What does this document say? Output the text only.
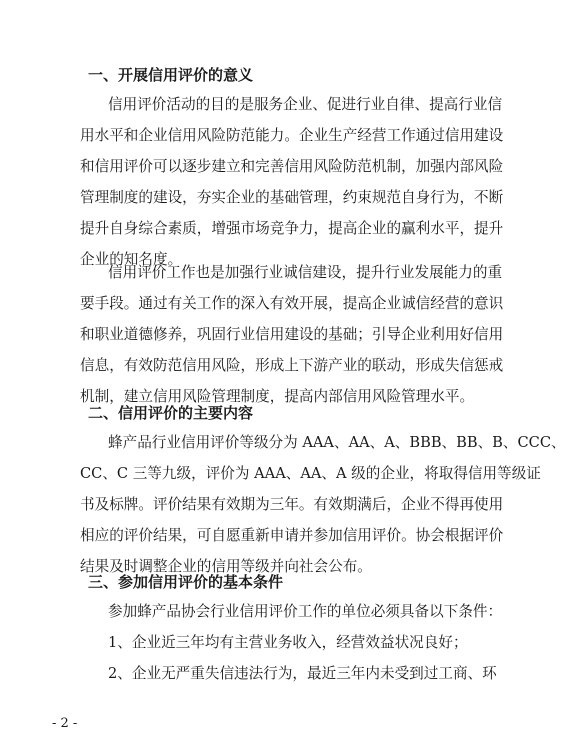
一、开展信用评价的意义
信用评价活动的目的是服务企业、促进行业自律、提高行业信
用水平和企业信用风险防范能力。企业生产经营工作通过信用建设
和信用评价可以逐步建立和完善信用风险防范机制，加强内部风险
管理制度的建设，夯实企业的基础管理，约束规范自身行为，不断
提升自身综合素质，增强市场竞争力，提高企业的赢利水平，提升
企业的知名度。
信用评价工作也是加强行业诚信建设，提升行业发展能力的重
要手段。通过有关工作的深入有效开展，提高企业诚信经营的意识
和职业道德修养，巩固行业信用建设的基础；引导企业利用好信用
信息，有效防范信用风险，形成上下游产业的联动，形成失信惩戒
机制，建立信用风险管理制度，提高内部信用风险管理水平。
二、信用评价的主要内容
蜂产品行业信用评价等级分为 AAA、AA、A、BBB、BB、B、CCC、
CC、C 三等九级，评价为 AAA、AA、A 级的企业，将取得信用等级证
书及标牌。评价结果有效期为三年。有效期满后，企业不得再使用
相应的评价结果，可自愿重新申请并参加信用评价。协会根据评价
结果及时调整企业的信用等级并向社会公布。
三、参加信用评价的基本条件
参加蜂产品协会行业信用评价工作的单位必须具备以下条件：
1、企业近三年均有主营业务收入，经营效益状况良好；
2、企业无严重失信违法行为，最近三年内未受到过工商、环
- 2 -
